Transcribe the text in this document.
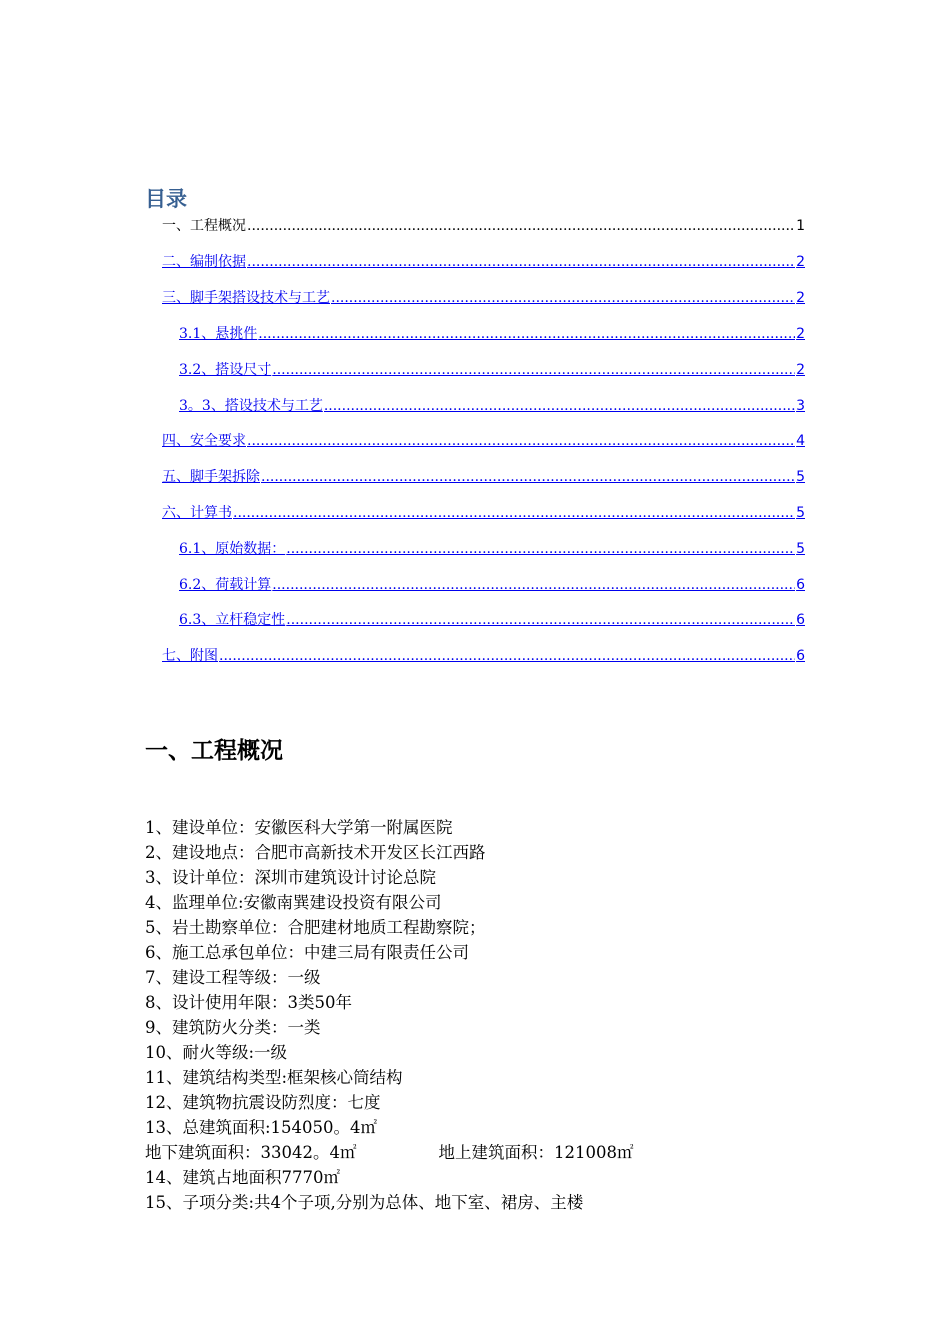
目录
一、工程概况 .....	1
二、编制依据 .....	2
三、脚手架搭设技术与工艺 .....	2
3.1、悬挑件 .....	2
3.2、搭设尺寸 .....	2
3。3、搭设技术与工艺 .....	3
四、安全要求 .....	4
五、脚手架拆除 .....	5
六、计算书 .....	5
6.1、原始数据： .....	5
6.2、荷载计算 .....	6
6.3、立杆稳定性 .....	6
七、附图 .....	6
一、工程概况
1、建设单位：安徽医科大学第一附属医院
2、建设地点：合肥市高新技术开发区长江西路
3、设计单位：深圳市建筑设计讨论总院
4、监理单位:安徽南巽建设投资有限公司
5、岩土勘察单位：合肥建材地质工程勘察院；
6、施工总承包单位：中建三局有限责任公司
7、建设工程等级：一级
8、设计使用年限：3类50年
9、建筑防火分类：一类
10、耐火等级:一级
11、建筑结构类型:框架核心筒结构
12、建筑物抗震设防烈度：七度
13、总建筑面积:154050。4㎡
地下建筑面积：33042。4㎡	地上建筑面积：121008㎡
14、建筑占地面积7770㎡
15、子项分类:共4个子项,分别为总体、地下室、裙房、主楼
